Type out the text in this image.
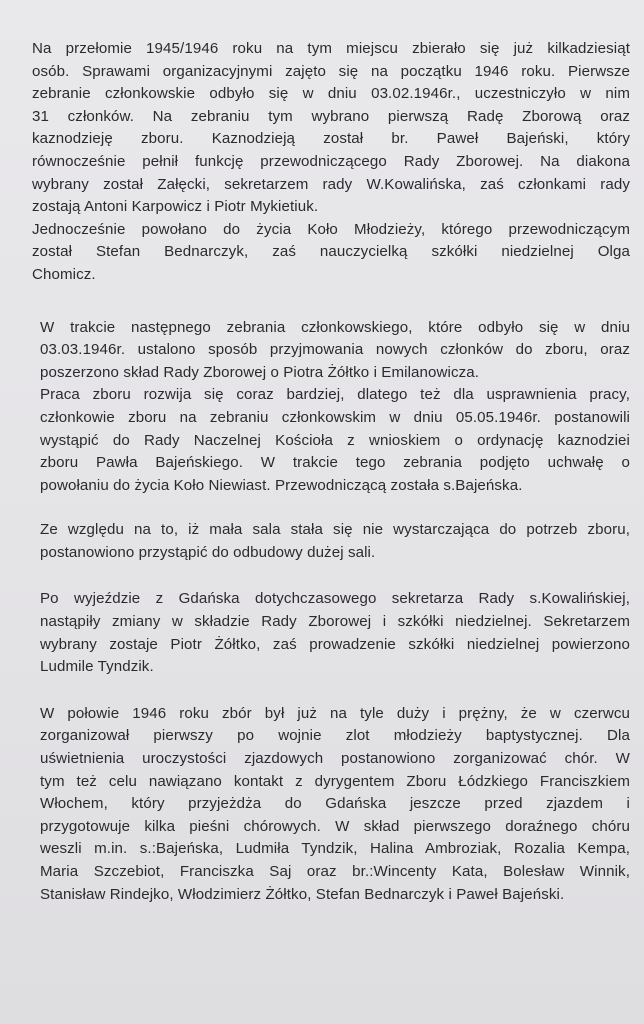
Na przełomie 1945/1946 roku na tym miejscu zbierało się już kilkadziesiąt
osób. Sprawami organizacyjnymi zajęto się na początku 1946 roku. Pierwsze
zebranie członkowskie odbyło się w dniu 03.02.1946r., uczestniczyło w nim
31 członków. Na zebraniu tym wybrano pierwszą Radę Zborową oraz
kaznodzieję zboru. Kaznodzieją został br. Paweł Bajeński, który
równocześnie pełnił funkcję przewodniczącego Rady Zborowej. Na diakona
wybrany został Załęcki, sekretarzem rady W.Kowalińska, zaś członkami rady
zostają Antoni Karpowicz i Piotr Mykietiuk.
Jednocześnie powołano do życia Koło Młodzieży, którego przewodniczącym
został Stefan Bednarczyk, zaś nauczycielką szkółki niedzielnej Olga
Chomicz.
W trakcie następnego zebrania członkowskiego, które odbyło się w dniu
03.03.1946r. ustalono sposób przyjmowania nowych członków do zboru, oraz
poszerzono skład Rady Zborowej o Piotra Żółtko i Emilanowicza.
Praca zboru rozwija się coraz bardziej, dlatego też dla usprawnienia pracy,
członkowie zboru na zebraniu członkowskim w dniu 05.05.1946r. postanowili
wystąpić do Rady Naczelnej Kościoła z wnioskiem o ordynację kaznodziei
zboru Pawła Bajeńskiego. W trakcie tego zebrania podjęto uchwałę o
powołaniu do życia Koło Niewiast. Przewodniczącą została s.Bajeńska.
Ze względu na to, iż mała sala stała się nie wystarczająca do potrzeb zboru,
postanowiono przystąpić do odbudowy dużej sali.
Po wyjeździe z Gdańska dotychczasowego sekretarza Rady s.Kowalińskiej,
nastąpiły zmiany w składzie Rady Zborowej i szkółki niedzielnej. Sekretarzem
wybrany zostaje Piotr Żółtko, zaś prowadzenie szkółki niedzielnej powierzono
Ludmile Tyndzik.
W połowie 1946 roku zbór był już na tyle duży i prężny, że w czerwcu
zorganizował pierwszy po wojnie zlot młodzieży baptystycznej. Dla
uświetnienia uroczystości zjazdowych postanowiono zorganizować chór. W
tym też celu nawiązano kontakt z dyrygentem Zboru Łódzkiego Franciszkiem
Włochem, który przyjeżdża do Gdańska jeszcze przed zjazdem i
przygotowuje kilka pieśni chórowych. W skład pierwszego doraźnego chóru
weszli m.in. s.:Bajeńska, Ludmiła Tyndzik, Halina Ambroziak, Rozalia Kempa,
Maria Szczebiot, Franciszka Saj oraz br.:Wincenty Kata, Bolesław Winnik,
Stanisław Rindejko, Włodzimierz Żółtko, Stefan Bednarczyk i Paweł Bajeński.
